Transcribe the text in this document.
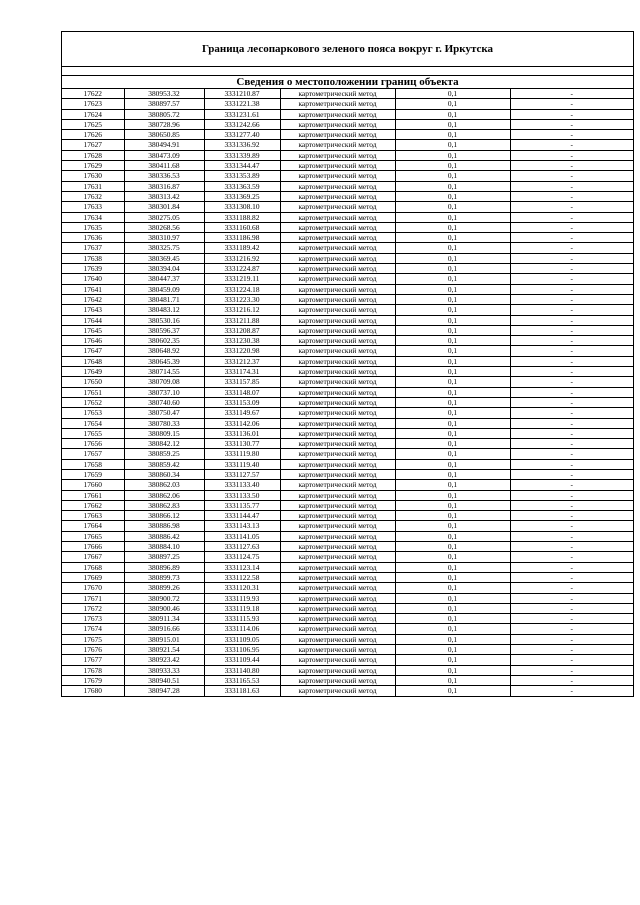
Граница лесопаркового зеленого пояса вокруг г. Иркутска
Сведения о местоположении границ объекта
17622	380953.32	3331210.87	картометрический метод	0,1	-
17623	380897.57	3331221.38	картометрический метод	0,1	-
17624	380805.72	3331231.61	картометрический метод	0,1	-
17625	380728.96	3331242.66	картометрический метод	0,1	-
17626	380650.85	3331277.40	картометрический метод	0,1	-
17627	380494.91	3331336.92	картометрический метод	0,1	-
17628	380473.09	3331339.89	картометрический метод	0,1	-
17629	380411.68	3331344.47	картометрический метод	0,1	-
17630	380336.53	3331353.89	картометрический метод	0,1	-
17631	380316.87	3331363.59	картометрический метод	0,1	-
17632	380313.42	3331369.25	картометрический метод	0,1	-
17633	380301.84	3331308.10	картометрический метод	0,1	-
17634	380275.05	3331188.82	картометрический метод	0,1	-
17635	380268.56	3331160.68	картометрический метод	0,1	-
17636	380310.97	3331186.98	картометрический метод	0,1	-
17637	380325.75	3331189.42	картометрический метод	0,1	-
17638	380369.45	3331216.92	картометрический метод	0,1	-
17639	380394.04	3331224.87	картометрический метод	0,1	-
17640	380447.37	3331219.11	картометрический метод	0,1	-
17641	380459.09	3331224.18	картометрический метод	0,1	-
17642	380481.71	3331223.30	картометрический метод	0,1	-
17643	380483.12	3331216.12	картометрический метод	0,1	-
17644	380530.16	3331211.88	картометрический метод	0,1	-
17645	380596.37	3331208.87	картометрический метод	0,1	-
17646	380602.35	3331230.38	картометрический метод	0,1	-
17647	380648.92	3331220.98	картометрический метод	0,1	-
17648	380645.39	3331212.37	картометрический метод	0,1	-
17649	380714.55	3331174.31	картометрический метод	0,1	-
17650	380709.08	3331157.85	картометрический метод	0,1	-
17651	380737.10	3331148.07	картометрический метод	0,1	-
17652	380740.60	3331153.09	картометрический метод	0,1	-
17653	380750.47	3331149.67	картометрический метод	0,1	-
17654	380780.33	3331142.06	картометрический метод	0,1	-
17655	380809.15	3331136.01	картометрический метод	0,1	-
17656	380842.12	3331130.77	картометрический метод	0,1	-
17657	380859.25	3331119.80	картометрический метод	0,1	-
17658	380859.42	3331119.40	картометрический метод	0,1	-
17659	380860.34	3331127.57	картометрический метод	0,1	-
17660	380862.03	3331133.40	картометрический метод	0,1	-
17661	380862.06	3331133.50	картометрический метод	0,1	-
17662	380862.83	3331135.77	картометрический метод	0,1	-
17663	380866.12	3331144.47	картометрический метод	0,1	-
17664	380886.98	3331143.13	картометрический метод	0,1	-
17665	380886.42	3331141.05	картометрический метод	0,1	-
17666	380884.10	3331127.63	картометрический метод	0,1	-
17667	380897.25	3331124.75	картометрический метод	0,1	-
17668	380896.89	3331123.14	картометрический метод	0,1	-
17669	380899.73	3331122.58	картометрический метод	0,1	-
17670	380899.26	3331120.31	картометрический метод	0,1	-
17671	380900.72	3331119.93	картометрический метод	0,1	-
17672	380900.46	3331119.18	картометрический метод	0,1	-
17673	380911.34	3331115.93	картометрический метод	0,1	-
17674	380916.66	3331114.06	картометрический метод	0,1	-
17675	380915.01	3331109.05	картометрический метод	0,1	-
17676	380921.54	3331106.95	картометрический метод	0,1	-
17677	380923.42	3331109.44	картометрический метод	0,1	-
17678	380933.33	3331140.80	картометрический метод	0,1	-
17679	380940.51	3331165.53	картометрический метод	0,1	-
17680	380947.28	3331181.63	картометрический метод	0,1	-
